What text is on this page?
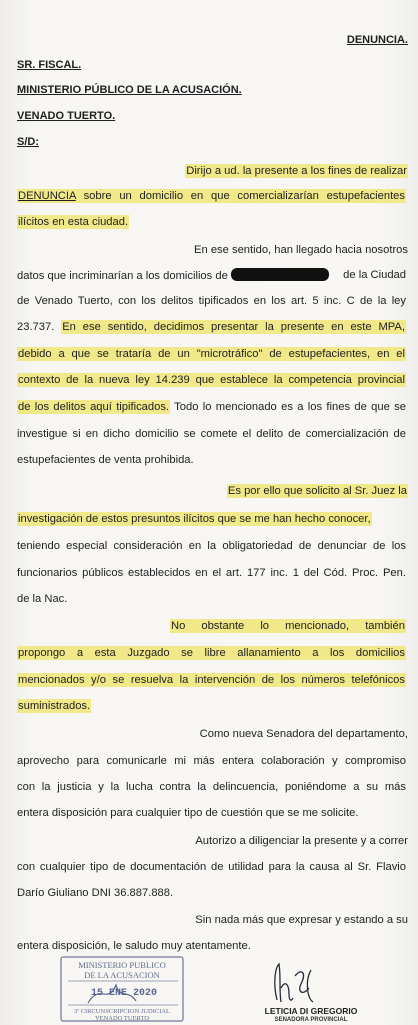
DENUNCIA.
SR. FISCAL.
MINISTERIO PÚBLICO DE LA ACUSACIÓN.
VENADO TUERTO.
S/D:
Dirijo a ud. la presente a los fines de realizar
DENUNCIA sobre un domicilio en que comercializarían estupefacientes
ilícitos en esta ciudad.
En ese sentido, han llegado hacia nosotros
datos que incriminarían a los domicilios de	de la Ciudad
de Venado Tuerto, con los delitos tipificados en los art. 5 inc. C de la ley
23.737. En ese sentido, decidimos presentar la presente en este MPA,
debido a que se trataría de un "microtráfico" de estupefacientes, en el
contexto de la nueva ley 14.239 que establece la competencia provincial
de los delitos aquí tipificados. Todo lo mencionado es a los fines de que se
investigue si en dicho domicilio se comete el delito de comercialización de
estupefacientes de venta prohibida.
Es por ello que solicito al Sr. Juez la
investigación de estos presuntos ilícitos que se me han hecho conocer,
teniendo especial consideración en la obligatoriedad de denunciar de los
funcionarios públicos establecidos en el art. 177 inc. 1 del Cód. Proc. Pen.
de la Nac.
No obstante lo mencionado, también
propongo a esta Juzgado se libre allanamiento a los domicilios
mencionados y/o se resuelva la intervención de los números telefónicos
suministrados.
Como nueva Senadora del departamento,
aprovecho para comunicarle mi más entera colaboración y compromiso
con la justicia y la lucha contra la delincuencia, poniéndome a su más
entera disposición para cualquier tipo de cuestión que se me solicite.
Autorizo a diligenciar la presente y a correr
con cualquier tipo de documentación de utilidad para la causa al Sr. Flavio
Darío Giuliano DNI 36.887.888.
Sin nada más que expresar y estando a su
entera disposición, le saludo muy atentamente.
MINISTERIO PUBLICO
DE LA ACUSACION
15 ENE 2020
3ª CIRCUNSCRIPCION JUDICIAL
VENADO TUERTO
LETICIA DI GREGORIO
SENADORA PROVINCIAL
